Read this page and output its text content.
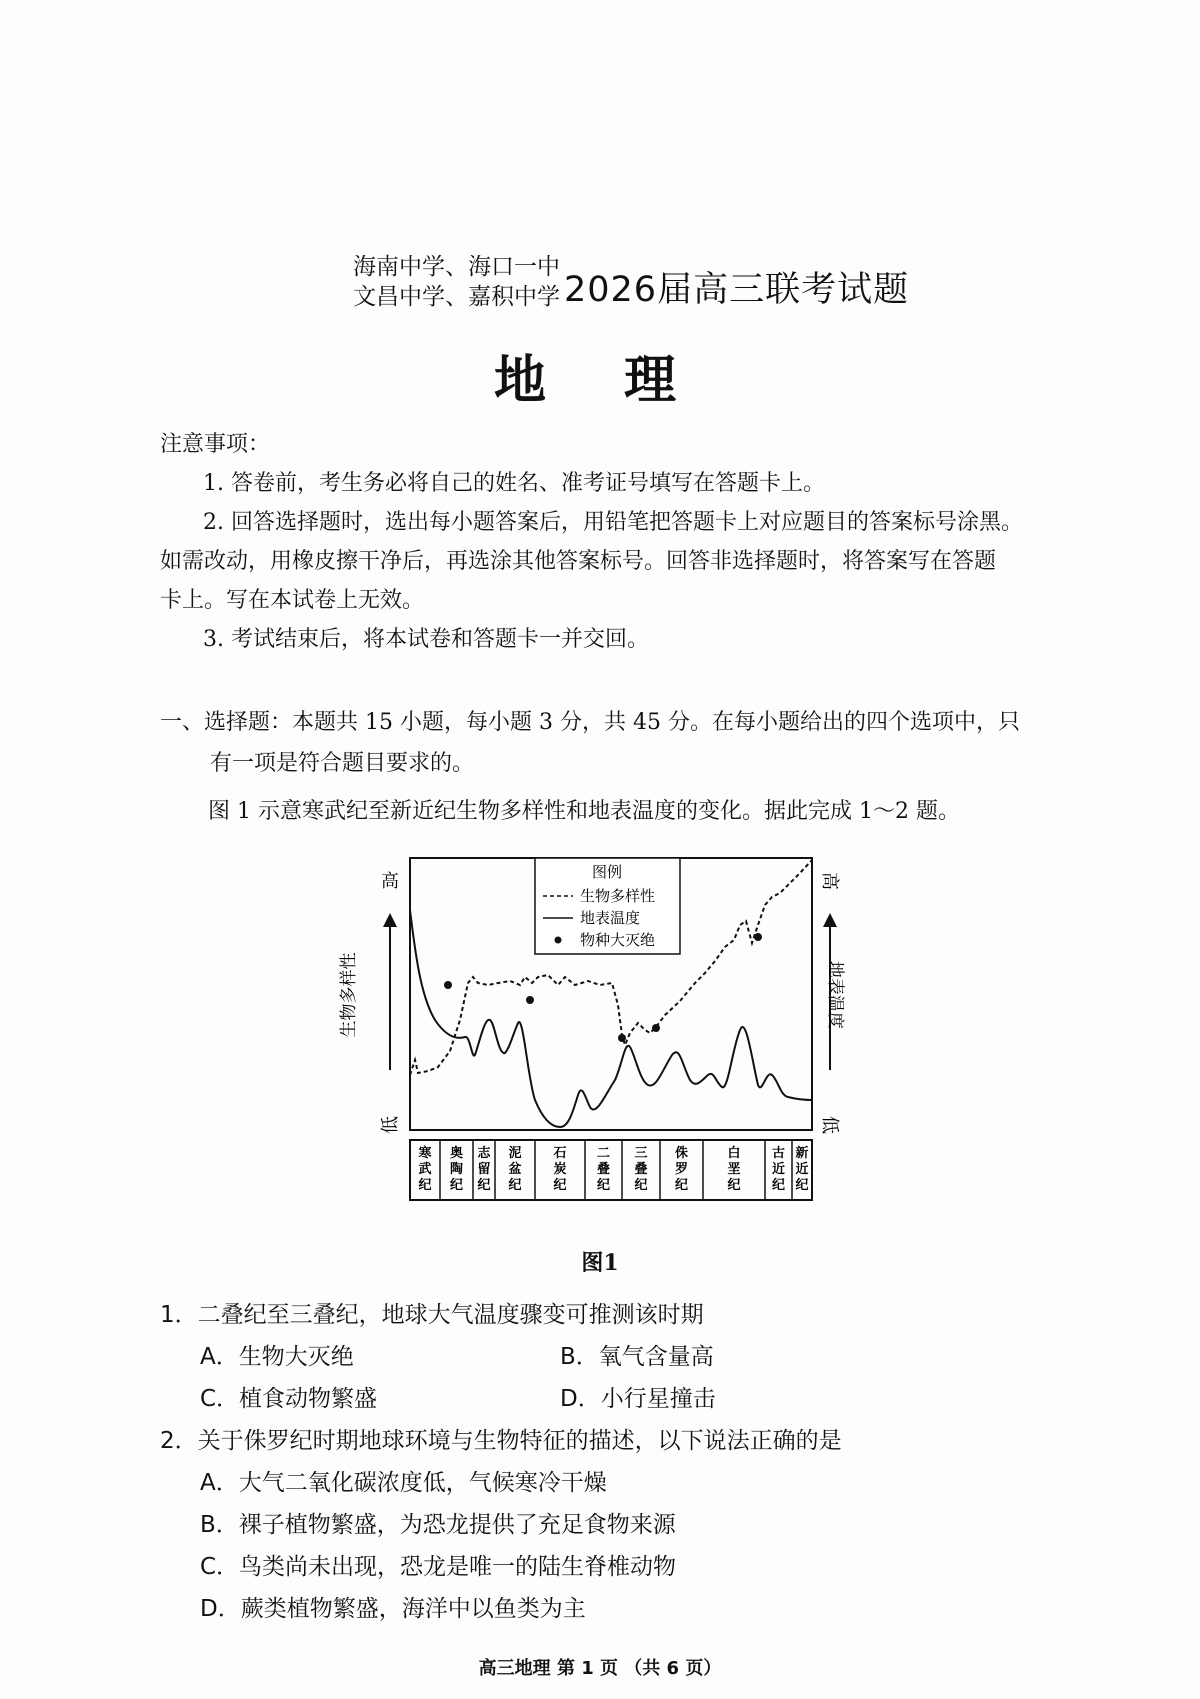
海南中学、海口一中
文昌中学、嘉积中学 2026届高三联考试题
地 理
注意事项：
1. 答卷前，考生务必将自己的姓名、准考证号填写在答题卡上。
2. 回答选择题时，选出每小题答案后，用铅笔把答题卡上对应题目的答案标号涂黑。
如需改动，用橡皮擦干净后，再选涂其他答案标号。回答非选择题时，将答案写在答题
卡上。写在本试卷上无效。
3. 考试结束后，将本试卷和答题卡一并交回。
一、选择题：本题共 15 小题，每小题 3 分，共 45 分。在每小题给出的四个选项中，只
有一项是符合题目要求的。
图 1 示意寒武纪至新近纪生物多样性和地表温度的变化。据此完成 1～2 题。
高
生物多样性
低
高
地表温度
低
图例
生物多样性
地表温度
物种大灭绝
寒武纪
奥陶纪
志留纪
泥盆纪
石炭纪
二叠纪
三叠纪
侏罗纪
白垩纪
古近纪
新近纪
图1
1．二叠纪至三叠纪，地球大气温度骤变可推测该时期
A．生物大灭绝	B．氧气含量高
C．植食动物繁盛	D．小行星撞击
2．关于侏罗纪时期地球环境与生物特征的描述，以下说法正确的是
A．大气二氧化碳浓度低，气候寒冷干燥
B．裸子植物繁盛，为恐龙提供了充足食物来源
C．鸟类尚未出现，恐龙是唯一的陆生脊椎动物
D．蕨类植物繁盛，海洋中以鱼类为主
高三地理 第 1 页 （共 6 页）
